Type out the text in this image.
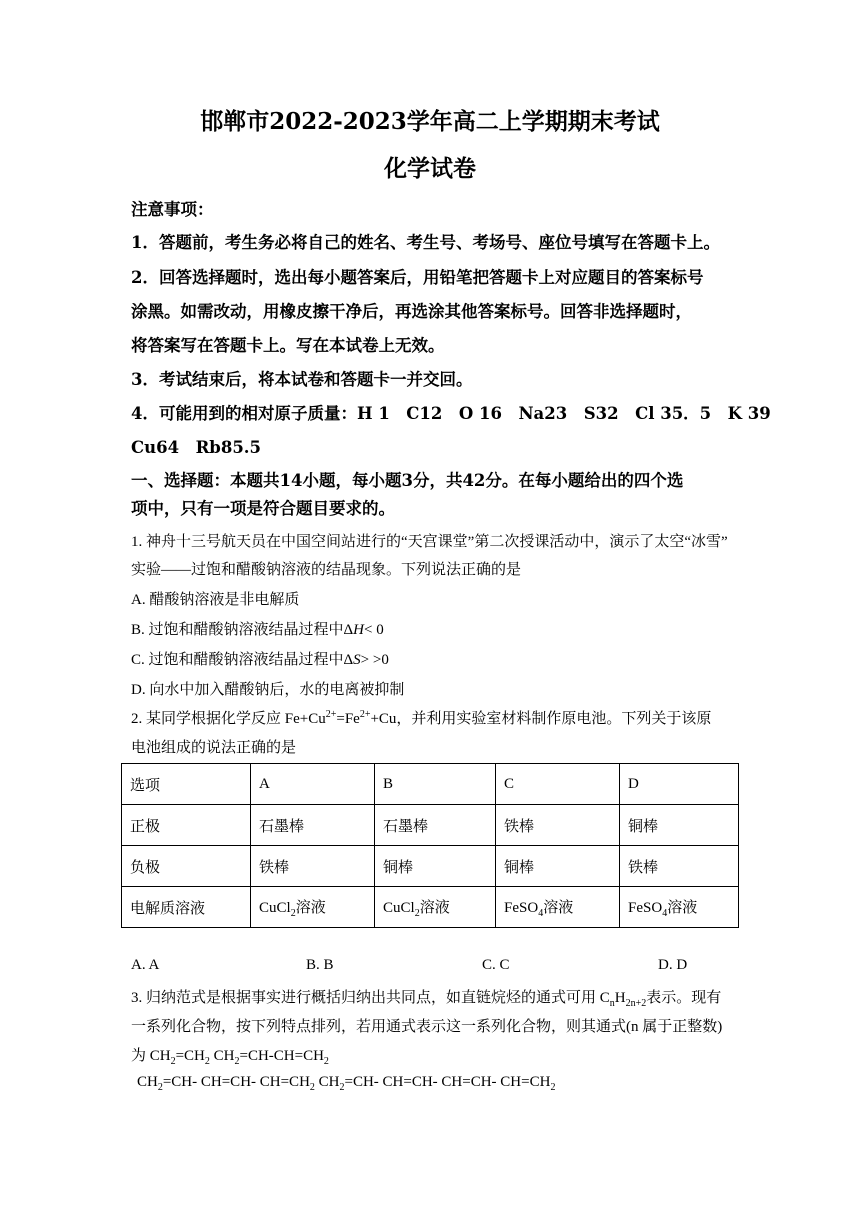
邯郸市2022-2023学年高二上学期期末考试
化学试卷
注意事项：
1．答题前，考生务必将自己的姓名、考生号、考场号、座位号填写在答题卡上。
2．回答选择题时，选出每小题答案后，用铅笔把答题卡上对应题目的答案标号
涂黑。如需改动，用橡皮擦干净后，再选涂其他答案标号。回答非选择题时，
将答案写在答题卡上。写在本试卷上无效。
3．考试结束后，将本试卷和答题卡一并交回。
4．可能用到的相对原子质量：H 1　C12　O 16　Na23　S32　Cl 35．5　K 39
Cu64　Rb85.5
一、选择题：本题共14小题，每小题3分，共42分。在每小题给出的四个选
项中，只有一项是符合题目要求的。
1. 神舟十三号航天员在中国空间站进行的“天宫课堂”第二次授课活动中，演示了太空“冰雪”
实验——过饱和醋酸钠溶液的结晶现象。下列说法正确的是
A. 醋酸钠溶液是非电解质
B. 过饱和醋酸钠溶液结晶过程中ΔH< 0
C. 过饱和醋酸钠溶液结晶过程中ΔS> >0
D. 向水中加入醋酸钠后，水的电离被抑制
2. 某同学根据化学反应 $Fe+Cu^{2+}=Fe^{2+}+Cu$，并利用实验室材料制作原电池。下列关于该原
电池组成的说法正确的是
选项	A	B	C	D
正极	石墨棒	石墨棒	铁棒	铜棒
负极	铁棒	铜棒	铜棒	铁棒
电解质溶液	CuCl$_2$溶液	CuCl$_2$溶液	FeSO$_4$溶液	FeSO$_4$溶液
A. A	B. B	C. C	D. D
3. 归纳范式是根据事实进行概括归纳出共同点，如直链烷烃的通式可用 $C_nH_{2n+2}$表示。现有
一系列化合物，按下列特点排列，若用通式表示这一系列化合物，则其通式(n 属于正整数)
为 $CH_2=CH_2$ $CH_2=CH-CH=CH_2$
$CH_2=CH-$ CH=CH- $CH=CH_2$ $CH_2=CH-$ CH=CH- CH=CH- $CH=CH_2$
